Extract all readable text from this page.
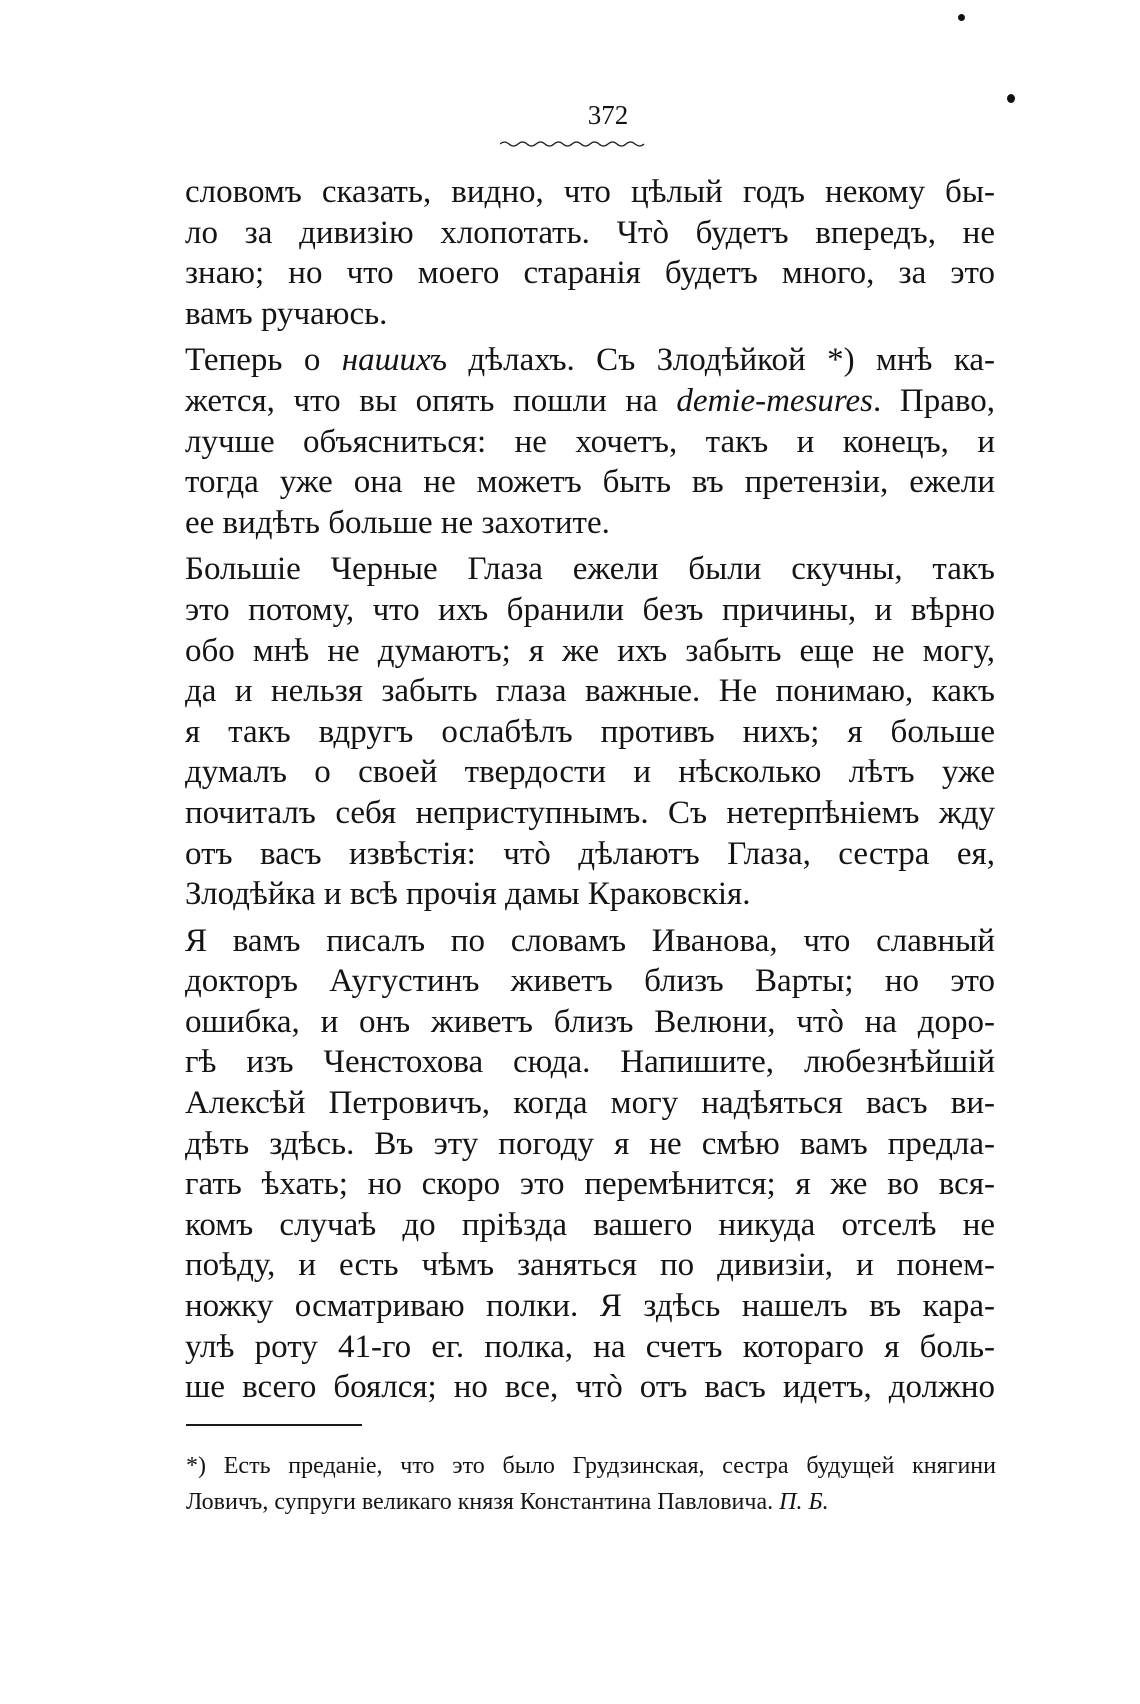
372
словомъ сказать, видно, что цѣлый годъ некому бы-
ло за дивизію хлопотать. Чтò будетъ впередъ, не
знаю; но что моего старанія будетъ много, за это
вамъ ручаюсь.
Теперь о нашихъ дѣлахъ. Съ Злодѣйкой *) мнѣ ка-
жется, что вы опять пошли на demie-mesures. Право,
лучше объясниться: не хочетъ, такъ и конецъ, и
тогда уже она не можетъ быть въ претензіи, ежели
ее видѣть больше не захотите.
Большіе Черные Глаза ежели были скучны, такъ
это потому, что ихъ бранили безъ причины, и вѣрно
обо мнѣ не думаютъ; я же ихъ забыть еще не могу,
да и нельзя забыть глаза важные. Не понимаю, какъ
я такъ вдругъ ослабѣлъ противъ нихъ; я больше
думалъ о своей твердости и нѣсколько лѣтъ уже
почиталъ себя неприступнымъ. Съ нетерпѣніемъ жду
отъ васъ извѣстія: чтò дѣлаютъ Глаза, сестра ея,
Злодѣйка и всѣ прочія дамы Краковскія.
Я вамъ писалъ по словамъ Иванова, что славный
докторъ Аугустинъ живетъ близъ Варты; но это
ошибка, и онъ живетъ близъ Велюни, чтò на доро-
гѣ изъ Ченстохова сюда. Напишите, любезнѣйшій
Алексѣй Петровичъ, когда могу надѣяться васъ ви-
дѣть здѣсь. Въ эту погоду я не смѣю вамъ предла-
гать ѣхать; но скоро это перемѣнится; я же во вся-
комъ случаѣ до пріѣзда вашего никуда отселѣ не
поѣду, и есть чѣмъ заняться по дивизіи, и понем-
ножку осматриваю полки. Я здѣсь нашелъ въ кара-
улѣ роту 41-го ег. полка, на счетъ котораго я боль-
ше всего боялся; но все, чтò отъ васъ идетъ, должно
*) Есть преданіе, что это было Грудзинская, сестра будущей княгини
Ловичъ, супруги великаго князя Константина Павловича. П. Б.
